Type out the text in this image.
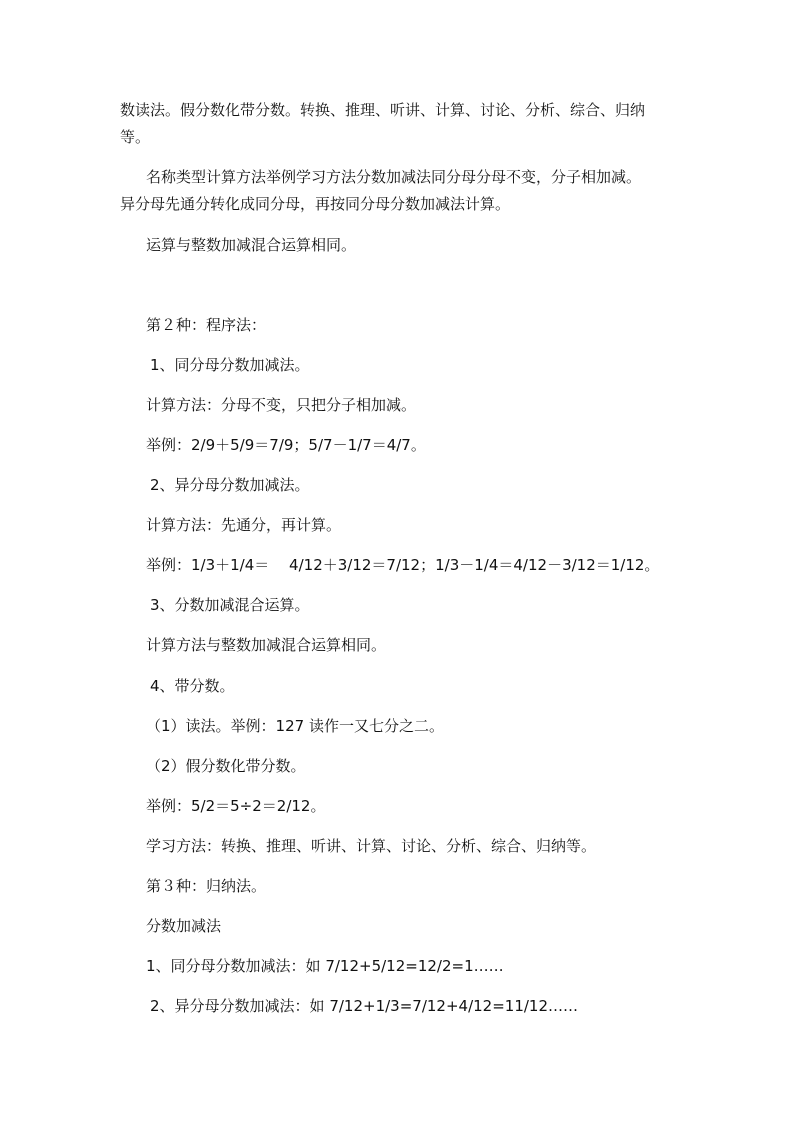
数读法。假分数化带分数。转换、推理、听讲、计算、讨论、分析、综合、归纳
等。
名称类型计算方法举例学习方法分数加减法同分母分母不变，分子相加减。
异分母先通分转化成同分母，再按同分母分数加减法计算。
运算与整数加减混合运算相同。
第２种：程序法：
1、同分母分数加减法。
计算方法：分母不变，只把分子相加减。
举例：2/9＋5/9＝7/9；5/7－1/7＝4/7。
2、异分母分数加减法。
计算方法：先通分，再计算。
举例：1/3＋1/4＝　 4/12＋3/12＝7/12；1/3－1/4＝4/12－3/12＝1/12。
3、分数加减混合运算。
计算方法与整数加减混合运算相同。
4、带分数。
（1）读法。举例：127 读作一又七分之二。
（2）假分数化带分数。
举例：5/2＝5÷2＝2/12。
学习方法：转换、推理、听讲、计算、讨论、分析、综合、归纳等。
第３种：归纳法。
分数加减法
1、同分母分数加减法：如 7/12+5/12=12/2=1……
2、异分母分数加减法：如 7/12+1/3=7/12+4/12=11/12……
